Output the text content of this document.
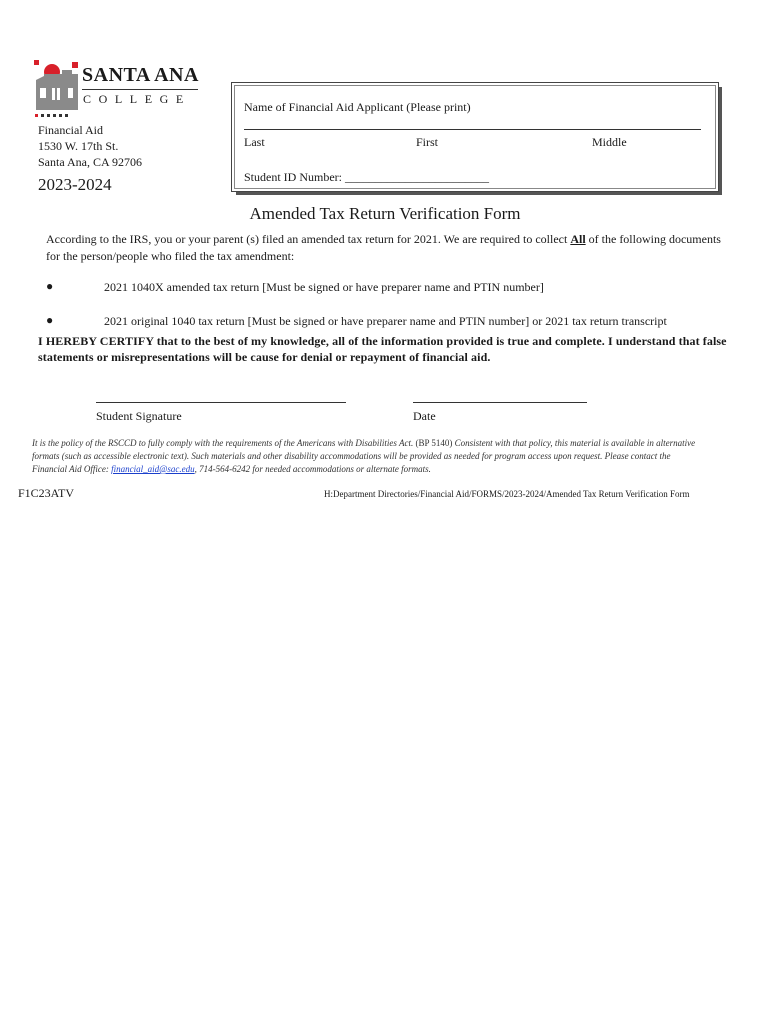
SANTA ANA
COLLEGE
Financial Aid
1530 W. 17th St.
Santa Ana, CA 92706
2023-2024
Name of Financial Aid Applicant (Please print)
Last	First	Middle
Student ID Number: ________________________
Amended Tax Return Verification Form
According to the IRS, you or your parent (s) filed an amended tax return for 2021. We are required to collect All of the following documents for the person/people who filed the tax amendment:
●	2021 1040X amended tax return [Must be signed or have preparer name and PTIN number]
●	2021 original 1040 tax return [Must be signed or have preparer name and PTIN number] or 2021 tax return transcript
I HEREBY CERTIFY that to the best of my knowledge, all of the information provided is true and complete. I understand that false statements or misrepresentations will be cause for denial or repayment of financial aid.
Student Signature	Date
It is the policy of the RSCCD to fully comply with the requirements of the Americans with Disabilities Act. (BP 5140) Consistent with that policy, this material is available in alternative formats (such as accessible electronic text). Such materials and other disability accommodations will be provided as needed for program access upon request. Please contact the Financial Aid Office: financial_aid@sac.edu, 714-564-6242 for needed accommodations or alternate formats.
F1C23ATV	H:Department Directories/Financial Aid/FORMS/2023-2024/Amended Tax Return Verification Form
